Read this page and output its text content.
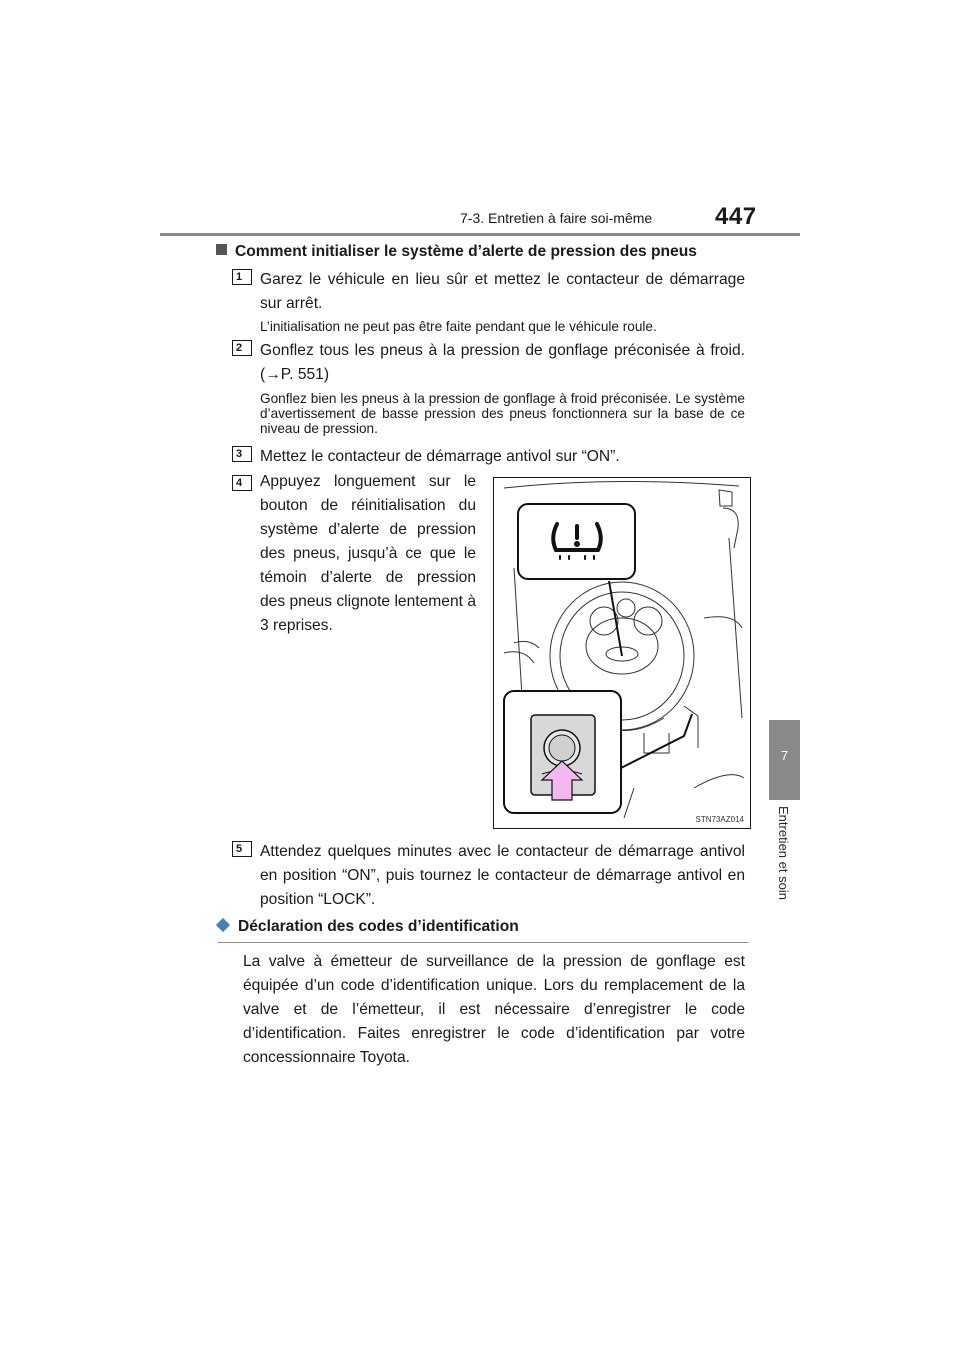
7-3. Entretien à faire soi-même	447
7
Entretien et soin
Comment initialiser le système d’alerte de pression des pneus
1	Garez le véhicule en lieu sûr et mettez le contacteur de démarrage sur arrêt.
L’initialisation ne peut pas être faite pendant que le véhicule roule.
2	Gonflez tous les pneus à la pression de gonflage préconisée à froid. (→P. 551)
Gonflez bien les pneus à la pression de gonflage à froid préconisée. Le système d’avertissement de basse pression des pneus fonctionnera sur la base de ce niveau de pression.
3	Mettez le contacteur de démarrage antivol sur “ON”.
4	Appuyez longuement sur le bouton de réinitialisation du système d’alerte de pression des pneus, jusqu’à ce que le témoin d’alerte de pression des pneus clignote lentement à 3 reprises.
STN73AZ014
5	Attendez quelques minutes avec le contacteur de démarrage antivol en position “ON”, puis tournez le contacteur de démarrage antivol en position “LOCK”.
Déclaration des codes d’identification
La valve à émetteur de surveillance de la pression de gonflage est équipée d’un code d’identification unique. Lors du remplacement de la valve et de l’émetteur, il est nécessaire d’enregistrer le code d’identification. Faites enregistrer le code d’identification par votre concessionnaire Toyota.
